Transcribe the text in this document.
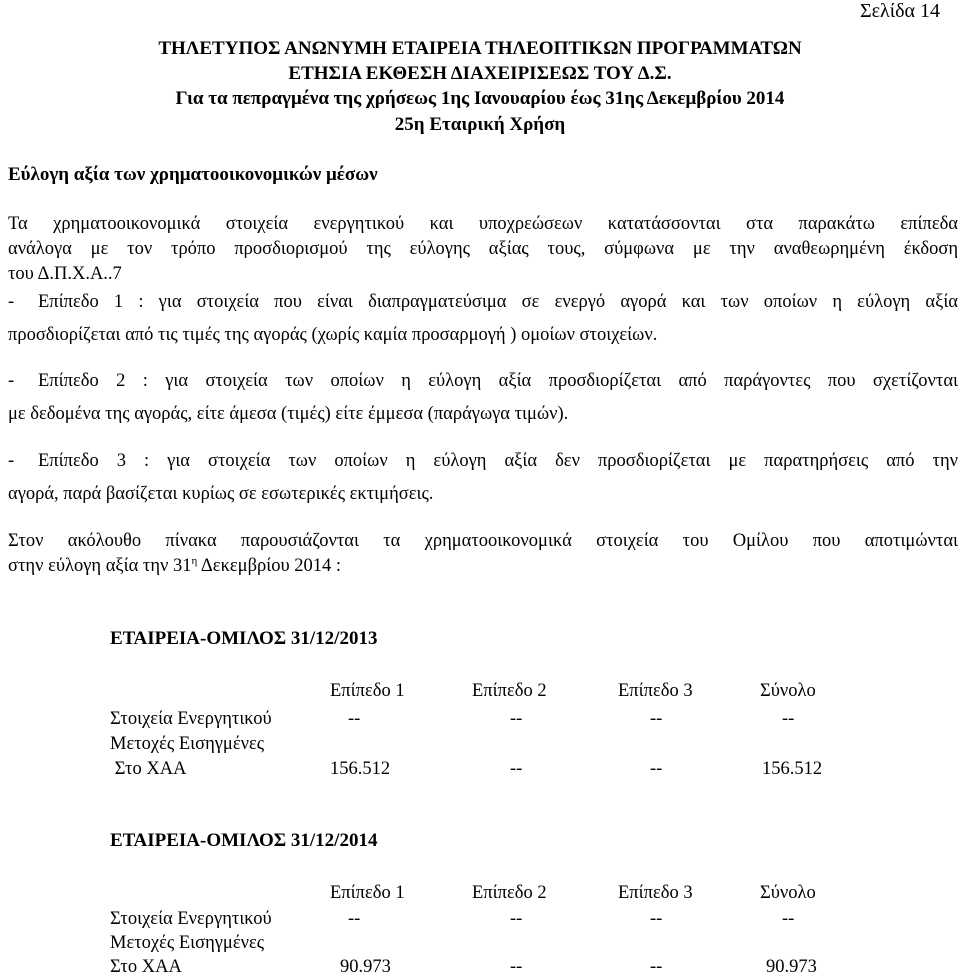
Σελίδα 14
ΤΗΛΕΤΥΠΟΣ ΑΝΩΝΥΜΗ ΕΤΑΙΡΕΙΑ ΤΗΛΕΟΠΤΙΚΩΝ ΠΡΟΓΡΑΜΜΑΤΩΝ
ΕΤΗΣΙΑ ΕΚΘΕΣΗ ΔΙΑΧΕΙΡΙΣΕΩΣ ΤΟΥ Δ.Σ.
Για τα πεπραγμένα της χρήσεως 1ης Ιανουαρίου έως 31ης Δεκεμβρίου 2014
25η Εταιρική Χρήση
Εύλογη αξία των χρηματοοικονομικών μέσων
Τα χρηματοοικονομικά στοιχεία ενεργητικού και υποχρεώσεων κατατάσσονται στα παρακάτω επίπεδα
ανάλογα με τον τρόπο προσδιορισμού της εύλογης αξίας τους, σύμφωνα με την αναθεωρημένη έκδοση
του Δ.Π.Χ.Α..7
- Επίπεδο 1 : για στοιχεία που είναι διαπραγματεύσιμα σε ενεργό αγορά και των οποίων η εύλογη αξία
προσδιορίζεται από τις τιμές της αγοράς (χωρίς καμία προσαρμογή ) ομοίων στοιχείων.
- Επίπεδο 2 : για στοιχεία των οποίων η εύλογη αξία προσδιορίζεται από παράγοντες που σχετίζονται
με δεδομένα της αγοράς, είτε άμεσα (τιμές) είτε έμμεσα (παράγωγα τιμών).
- Επίπεδο 3 : για στοιχεία των οποίων η εύλογη αξία δεν προσδιορίζεται με παρατηρήσεις από την
αγορά, παρά βασίζεται κυρίως σε εσωτερικές εκτιμήσεις.
Στον ακόλουθο πίνακα παρουσιάζονται τα χρηματοοικονομικά στοιχεία του Ομίλου που αποτιμώνται
στην εύλογη αξία την $31^\eta$ Δεκεμβρίου 2014 :
ΕΤΑΙΡΕΙΑ-ΟΜΙΛΟΣ 31/12/2013
Επίπεδο 1	Επίπεδο 2	Επίπεδο 3	Σύνολο
Στοιχεία Ενεργητικού	--	--	--	--
Μετοχές Εισηγμένες
Στο ΧΑΑ	156.512	--	--	156.512
ΕΤΑΙΡΕΙΑ-ΟΜΙΛΟΣ 31/12/2014
Επίπεδο 1	Επίπεδο 2	Επίπεδο 3	Σύνολο
Στοιχεία Ενεργητικού	--	--	--	--
Μετοχές Εισηγμένες
Στο ΧΑΑ	90.973	--	--	90.973
